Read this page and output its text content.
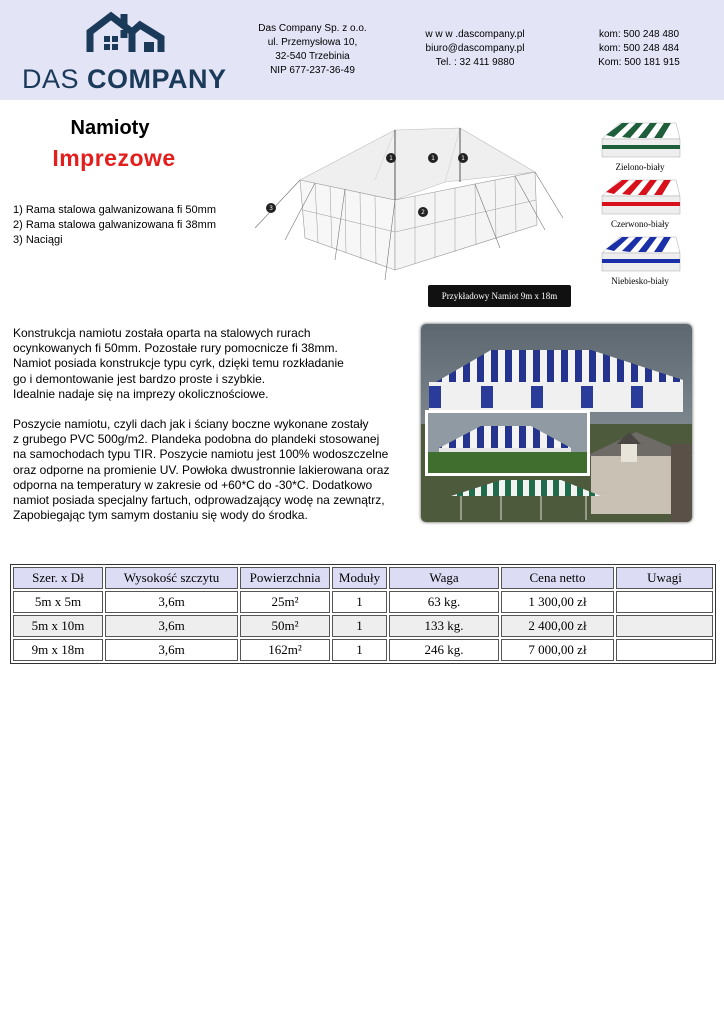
DAS COMPANY
Das Company Sp. z o.o.
ul. Przemysłowa 10,
32-540 Trzebinia
NIP 677-237-36-49
w w w .dascompany.pl
biuro@dascompany.pl
Tel. : 32 411 9880
kom: 500 248 480
kom: 500 248 484
Kom: 500 181 915
Namioty
Imprezowe
1) Rama stalowa galwanizowana fi 50mm
2) Rama stalowa galwanizowana fi 38mm
3) Naciągi
1	1	1
2
3
Przykładowy Namiot 9m x 18m
Zielono-biały
Czerwono-biały
Niebiesko-biały

Konstrukcja namiotu została oparta na stalowych rurach
ocynkowanych fi 50mm. Pozostałe rury pomocnicze fi 38mm.
Namiot posiada konstrukcje typu cyrk, dzięki temu rozkładanie
go i demontowanie jest bardzo proste i szybkie.
Idealnie nadaje się na imprezy okolicznościowe.

Poszycie namiotu, czyli dach jak i ściany boczne wykonane zostały
z grubego PVC 500g/m2. Plandeka podobna do plandeki stosowanej
na samochodach typu TIR. Poszycie namiotu jest 100% wodoszczelne
oraz odporne na promienie UV. Powłoka dwustronnie lakierowana oraz
odporna na temperatury w zakresie od +60*C do -30*C. Dodatkowo
namiot posiada specjalny fartuch, odprowadzający wodę na zewnątrz,
Zapobiegając tym samym dostaniu się wody do środka.

Szer. x Dł	Wysokość szczytu	Powierzchnia	Moduły	Waga	Cena netto	Uwagi
5m x 5m	3,6m	25m²	1	63 kg.	1 300,00 zł	
5m x 10m	3,6m	50m²	1	133 kg.	2 400,00 zł	
9m x 18m	3,6m	162m²	1	246 kg.	7 000,00 zł	
